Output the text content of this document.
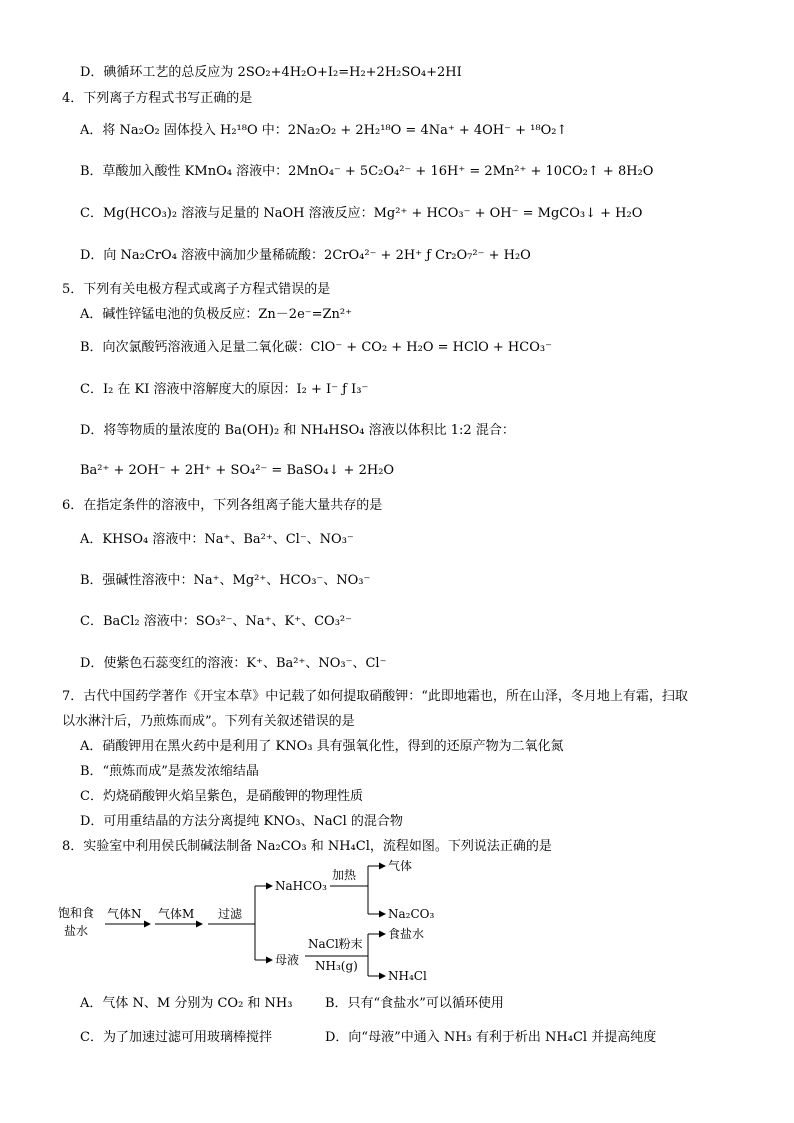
D．碘循环工艺的总反应为 2SO₂+4H₂O+I₂=H₂+2H₂SO₄+2HI
4．下列离子方程式书写正确的是
A．将 Na₂O₂ 固体投入 H₂¹⁸O 中：2Na₂O₂ + 2H₂¹⁸O = 4Na⁺ + 4OH⁻ + ¹⁸O₂↑
B．草酸加入酸性 KMnO₄ 溶液中：2MnO₄⁻ + 5C₂O₄²⁻ + 16H⁺ = 2Mn²⁺ + 10CO₂↑ + 8H₂O
C．Mg(HCO₃)₂ 溶液与足量的 NaOH 溶液反应：Mg²⁺ + HCO₃⁻ + OH⁻ = MgCO₃↓ + H₂O
D．向 Na₂CrO₄ 溶液中滴加少量稀硫酸：2CrO₄²⁻ + 2H⁺ ƒ Cr₂O₇²⁻ + H₂O
5．下列有关电极方程式或离子方程式错误的是
A．碱性锌锰电池的负极反应：Zn－2e⁻=Zn²⁺
B．向次氯酸钙溶液通入足量二氧化碳：ClO⁻ + CO₂ + H₂O = HClO + HCO₃⁻
C．I₂ 在 KI 溶液中溶解度大的原因：I₂ + I⁻ ƒ I₃⁻
D．将等物质的量浓度的 Ba(OH)₂ 和 NH₄HSO₄ 溶液以体积比 1:2 混合：
Ba²⁺ + 2OH⁻ + 2H⁺ + SO₄²⁻ = BaSO₄↓ + 2H₂O
6．在指定条件的溶液中，下列各组离子能大量共存的是
A．KHSO₄ 溶液中：Na⁺、Ba²⁺、Cl⁻、NO₃⁻
B．强碱性溶液中：Na⁺、Mg²⁺、HCO₃⁻、NO₃⁻
C．BaCl₂ 溶液中：SO₃²⁻、Na⁺、K⁺、CO₃²⁻
D．使紫色石蕊变红的溶液：K⁺、Ba²⁺、NO₃⁻、Cl⁻
7．古代中国药学著作《开宝本草》中记载了如何提取硝酸钾：“此即地霜也，所在山泽，冬月地上有霜，扫取
以水淋汁后，乃煎炼而成”。下列有关叙述错误的是
A．硝酸钾用在黑火药中是利用了 KNO₃ 具有强氧化性，得到的还原产物为二氧化氮
B．“煎炼而成”是蒸发浓缩结晶
C．灼烧硝酸钾火焰呈紫色，是硝酸钾的物理性质
D．可用重结晶的方法分离提纯 KNO₃、NaCl 的混合物
8．实验室中利用侯氏制碱法制备 Na₂CO₃ 和 NH₄Cl，流程如图。下列说法正确的是
饱和食
盐水
气体N 气体M 过滤
NaHCO₃
加热
气体
Na₂CO₃
母液
NaCl粉末
NH₃(g)
食盐水
NH₄Cl
A．气体 N、M 分别为 CO₂ 和 NH₃	B．只有“食盐水”可以循环使用
C．为了加速过滤可用玻璃棒搅拌	D．向“母液”中通入 NH₃ 有利于析出 NH₄Cl 并提高纯度
